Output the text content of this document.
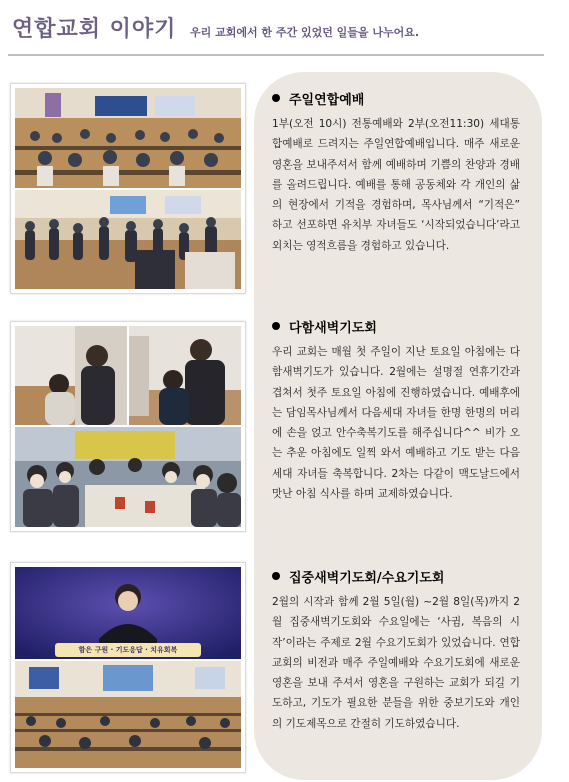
연합교회 이야기 우리 교회에서 한 주간 있었던 일들을 나누어요.
함은 구원 · 기도응답 · 치유회복
주일연합예배
1부(오전 10시) 전통예배와 2부(오전11:30) 세대통합예배로 드려지는 주일연합예배입니다. 매주 새로운 영혼을 보내주셔서 함께 예배하며 기쁨의 찬양과 경배를 올려드립니다. 예배를 통해 공동체와 각 개인의 삶의 현장에서 기적을 경험하며, 목사님께서 “기적은” 하고 선포하면 유치부 자녀들도 ‘시작되었습니다’라고 외치는 영적흐름을 경험하고 있습니다.
다함새벽기도회
우리 교회는 매월 첫 주일이 지난 토요일 아침에는 다함새벽기도가 있습니다. 2월에는 설명절 연휴기간과 겹쳐서 첫주 토요일 아침에 진행하였습니다. 예배후에는 담임목사님께서 다음세대 자녀들 한명 한명의 머리에 손을 얹고 안수축복기도를 해주십니다^^ 비가 오는 추운 아침에도 일찍 와서 예배하고 기도 받는 다음세대 자녀들 축복합니다. 2차는 다같이 맥도날드에서 맛난 아침 식사를 하며 교제하였습니다.
집중새벽기도회/수요기도회
2월의 시작과 함께 2월 5일(월) ~2월 8일(목)까지 2월 집중새벽기도회와 수요일에는 ‘사귐, 복음의 시작’이라는 주제로 2월 수요기도회가 있었습니다. 연합교회의 비전과 매주 주일예배와 수요기도회에 새로운 영혼을 보내 주셔서 영혼을 구원하는 교회가 되길 기도하고, 기도가 필요한 분들을 위한 중보기도와 개인의 기도제목으로 간절히 기도하였습니다.
